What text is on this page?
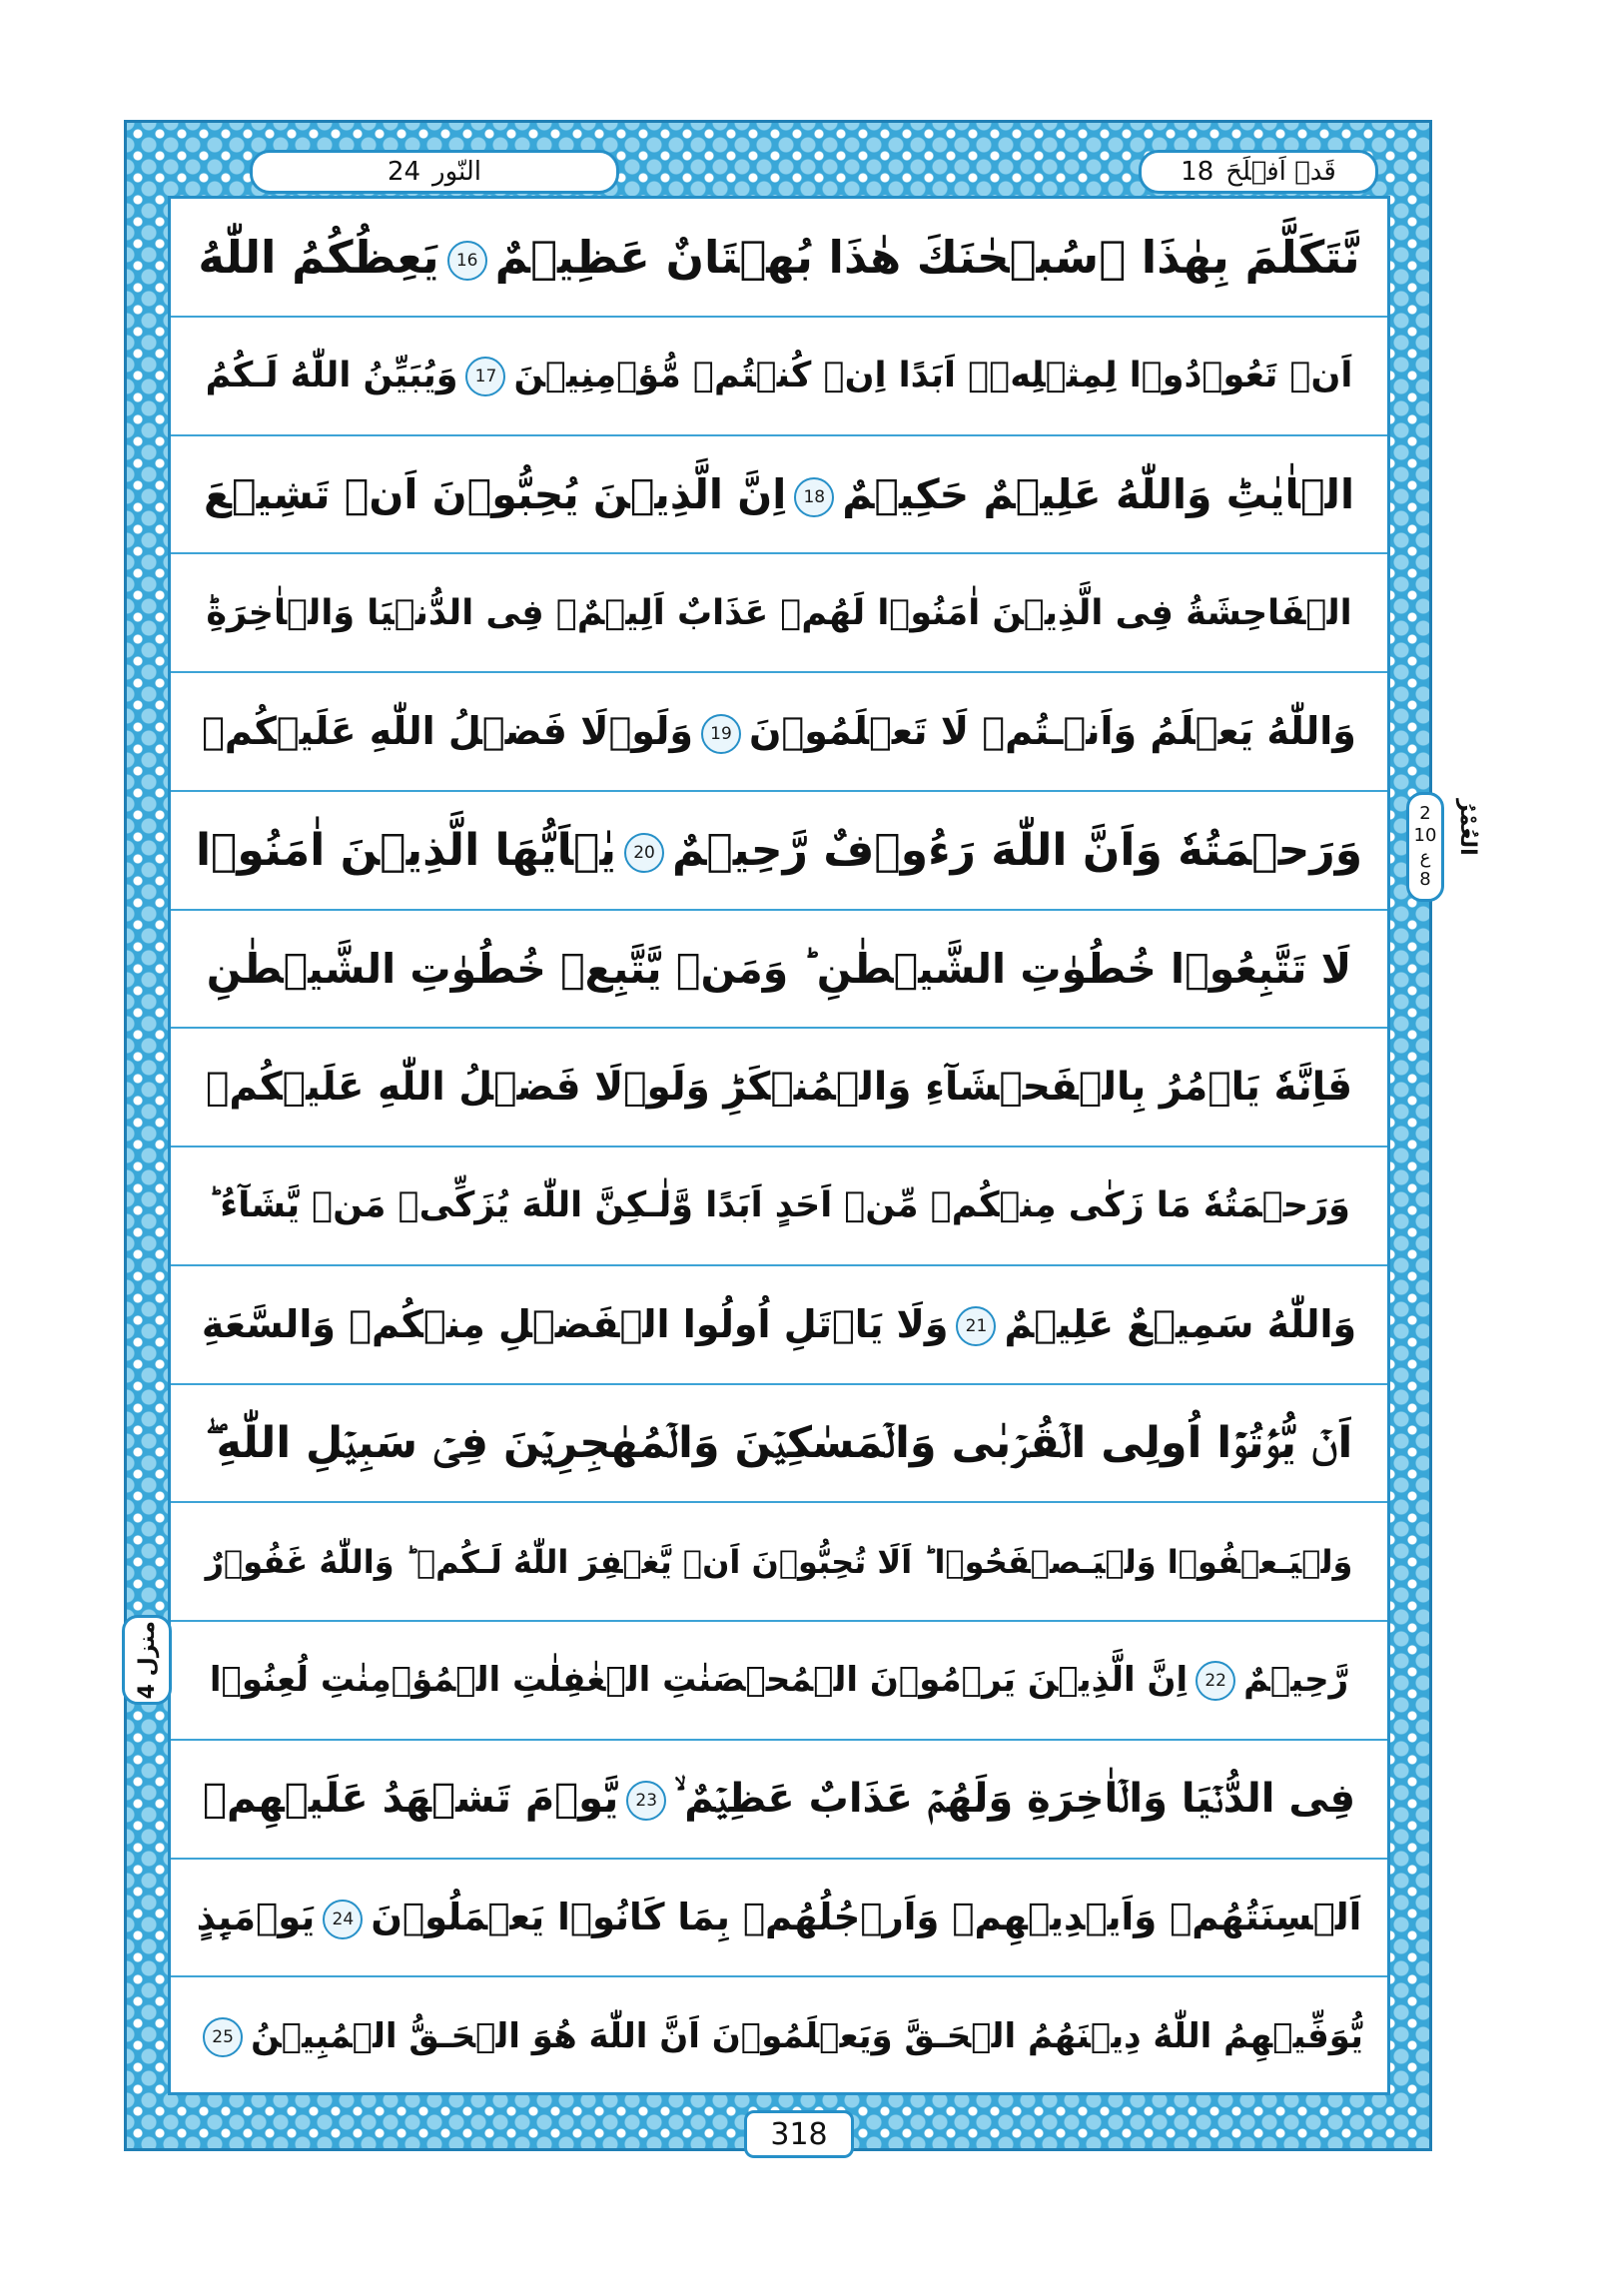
24 النّور	18 قَدۡ اَفۡلَحَ
نَّتَكَلَّمَ بِهٰذَا ۗسُبۡحٰنَكَ هٰذَا بُهۡتَانٌ عَظِيۡمٌ16يَعِظُكُمُ اللّٰهُ
اَنۡ تَعُوۡدُوۡا لِمِثۡلِهٖۤ اَبَدًا اِنۡ كُنۡتُمۡ مُّؤۡمِنِيۡنَ‌17وَيُبَيِّنُ اللّٰهُ لَـكُمُ
الۡاٰيٰتِ‌ؕ وَاللّٰهُ عَلِيۡمٌ حَكِيۡمٌ18اِنَّ الَّذِيۡنَ يُحِبُّوۡنَ اَنۡ تَشِيۡعَ
الۡفَاحِشَةُ فِى الَّذِيۡنَ اٰمَنُوۡا لَهُمۡ عَذَابٌ اَلِيۡمٌۙ فِى الدُّنۡيَا وَالۡاٰخِرَةِ‌ؕ
وَاللّٰهُ يَعۡلَمُ وَاَنۡـتُمۡ لَا تَعۡلَمُوۡنَ19وَلَوۡلَا فَضۡلُ اللّٰهِ عَلَيۡكُمۡ
وَرَحۡمَتُهٗ وَاَنَّ اللّٰهَ رَءُوۡفٌ رَّحِيۡمٌ20يٰۤاَيُّهَا الَّذِيۡنَ اٰمَنُوۡا
لَا تَتَّبِعُوۡا خُطُوٰتِ الشَّيۡطٰنِ‌ ؕ وَمَنۡ يَّتَّبِعۡ خُطُوٰتِ الشَّيۡطٰنِ
فَاِنَّهٗ يَاۡمُرُ بِالۡفَحۡشَآءِ وَالۡمُنۡكَرِ‌ؕ وَلَوۡلَا فَضۡلُ اللّٰهِ عَلَيۡكُمۡ
وَرَحۡمَتُهٗ مَا زَكٰى مِنۡكُمۡ مِّنۡ اَحَدٍ اَبَدًا وَّلٰـكِنَّ اللّٰهَ يُزَكِّىۡ مَنۡ يَّشَآءُ‌ ؕ
وَاللّٰهُ سَمِيۡعٌ عَلِيۡمٌ21وَلَا يَاۡتَلِ اُولُوا الۡفَضۡلِ مِنۡكُمۡ وَالسَّعَةِ
اَنۡ يُّؤۡتُوۡۤا اُولِى الۡقُرۡبٰى وَالۡمَسٰكِيۡنَ وَالۡمُهٰجِرِيۡنَ فِىۡ سَبِيۡلِ اللّٰهِ‌ ۖ
وَلۡيَـعۡفُوۡا وَلۡيَـصۡفَحُوۡا ‌ؕ اَلَا تُحِبُّوۡنَ اَنۡ يَّغۡفِرَ اللّٰهُ لَـكُمۡ‌ ؕ وَاللّٰهُ غَفُوۡرٌ
رَّحِيۡمٌ22اِنَّ الَّذِيۡنَ يَرۡمُوۡنَ الۡمُحۡصَنٰتِ الۡغٰفِلٰتِ الۡمُؤۡمِنٰتِ لُعِنُوۡا
فِى الدُّنۡيَا وَالۡاٰخِرَةِ وَلَهُمۡ عَذَابٌ عَظِيۡمٌ ۙ23يَّوۡمَ تَشۡهَدُ عَلَيۡهِمۡ
اَلۡسِنَتُهُمۡ وَاَيۡدِيۡهِمۡ وَاَرۡجُلُهُمۡ بِمَا كَانُوۡا يَعۡمَلُوۡنَ24يَوۡمَٮِٕذٍ
يُّوَفِّيۡهِمُ اللّٰهُ دِيۡنَهُمُ الۡحَـقَّ وَيَعۡلَمُوۡنَ اَنَّ اللّٰهَ هُوَ الۡحَـقُّ الۡمُبِيۡنُ25
2
10
ع
8
العُمْرُ
منزل 4
318
